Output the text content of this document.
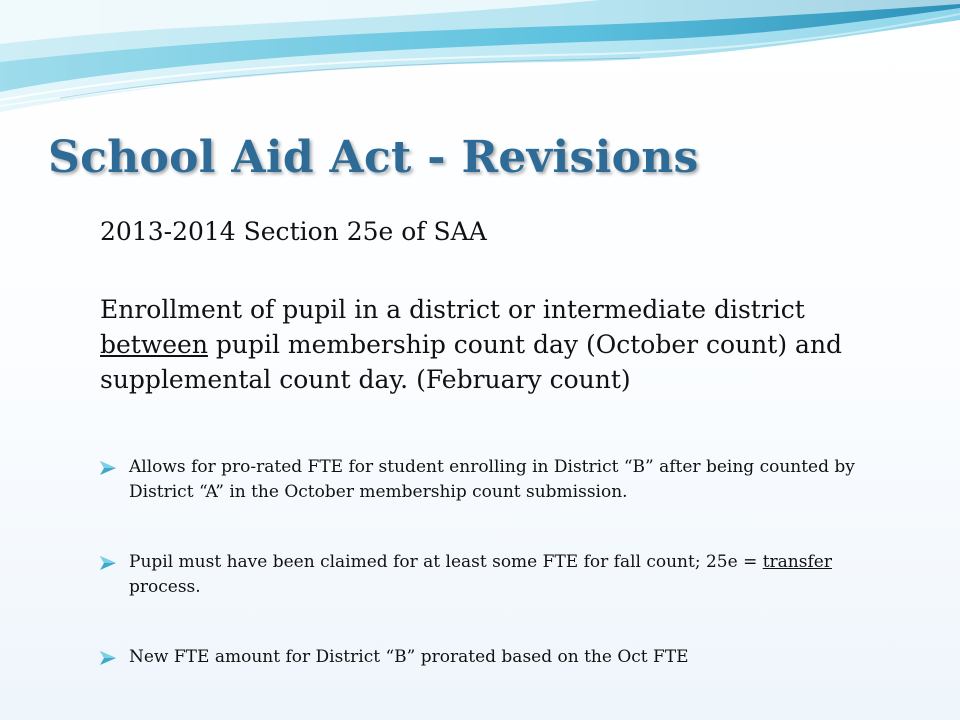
School Aid Act - Revisions
2013-2014 Section 25e of SAA
Enrollment of pupil in a district or intermediate district between pupil membership count day (October count) and supplemental count day. (February count)
Allows for pro-rated FTE for student enrolling in District “B” after being counted by District “A” in the October membership count submission.
Pupil must have been claimed for at least some FTE for fall count; 25e = transfer process.
New FTE amount for District “B” prorated based on the Oct FTE
